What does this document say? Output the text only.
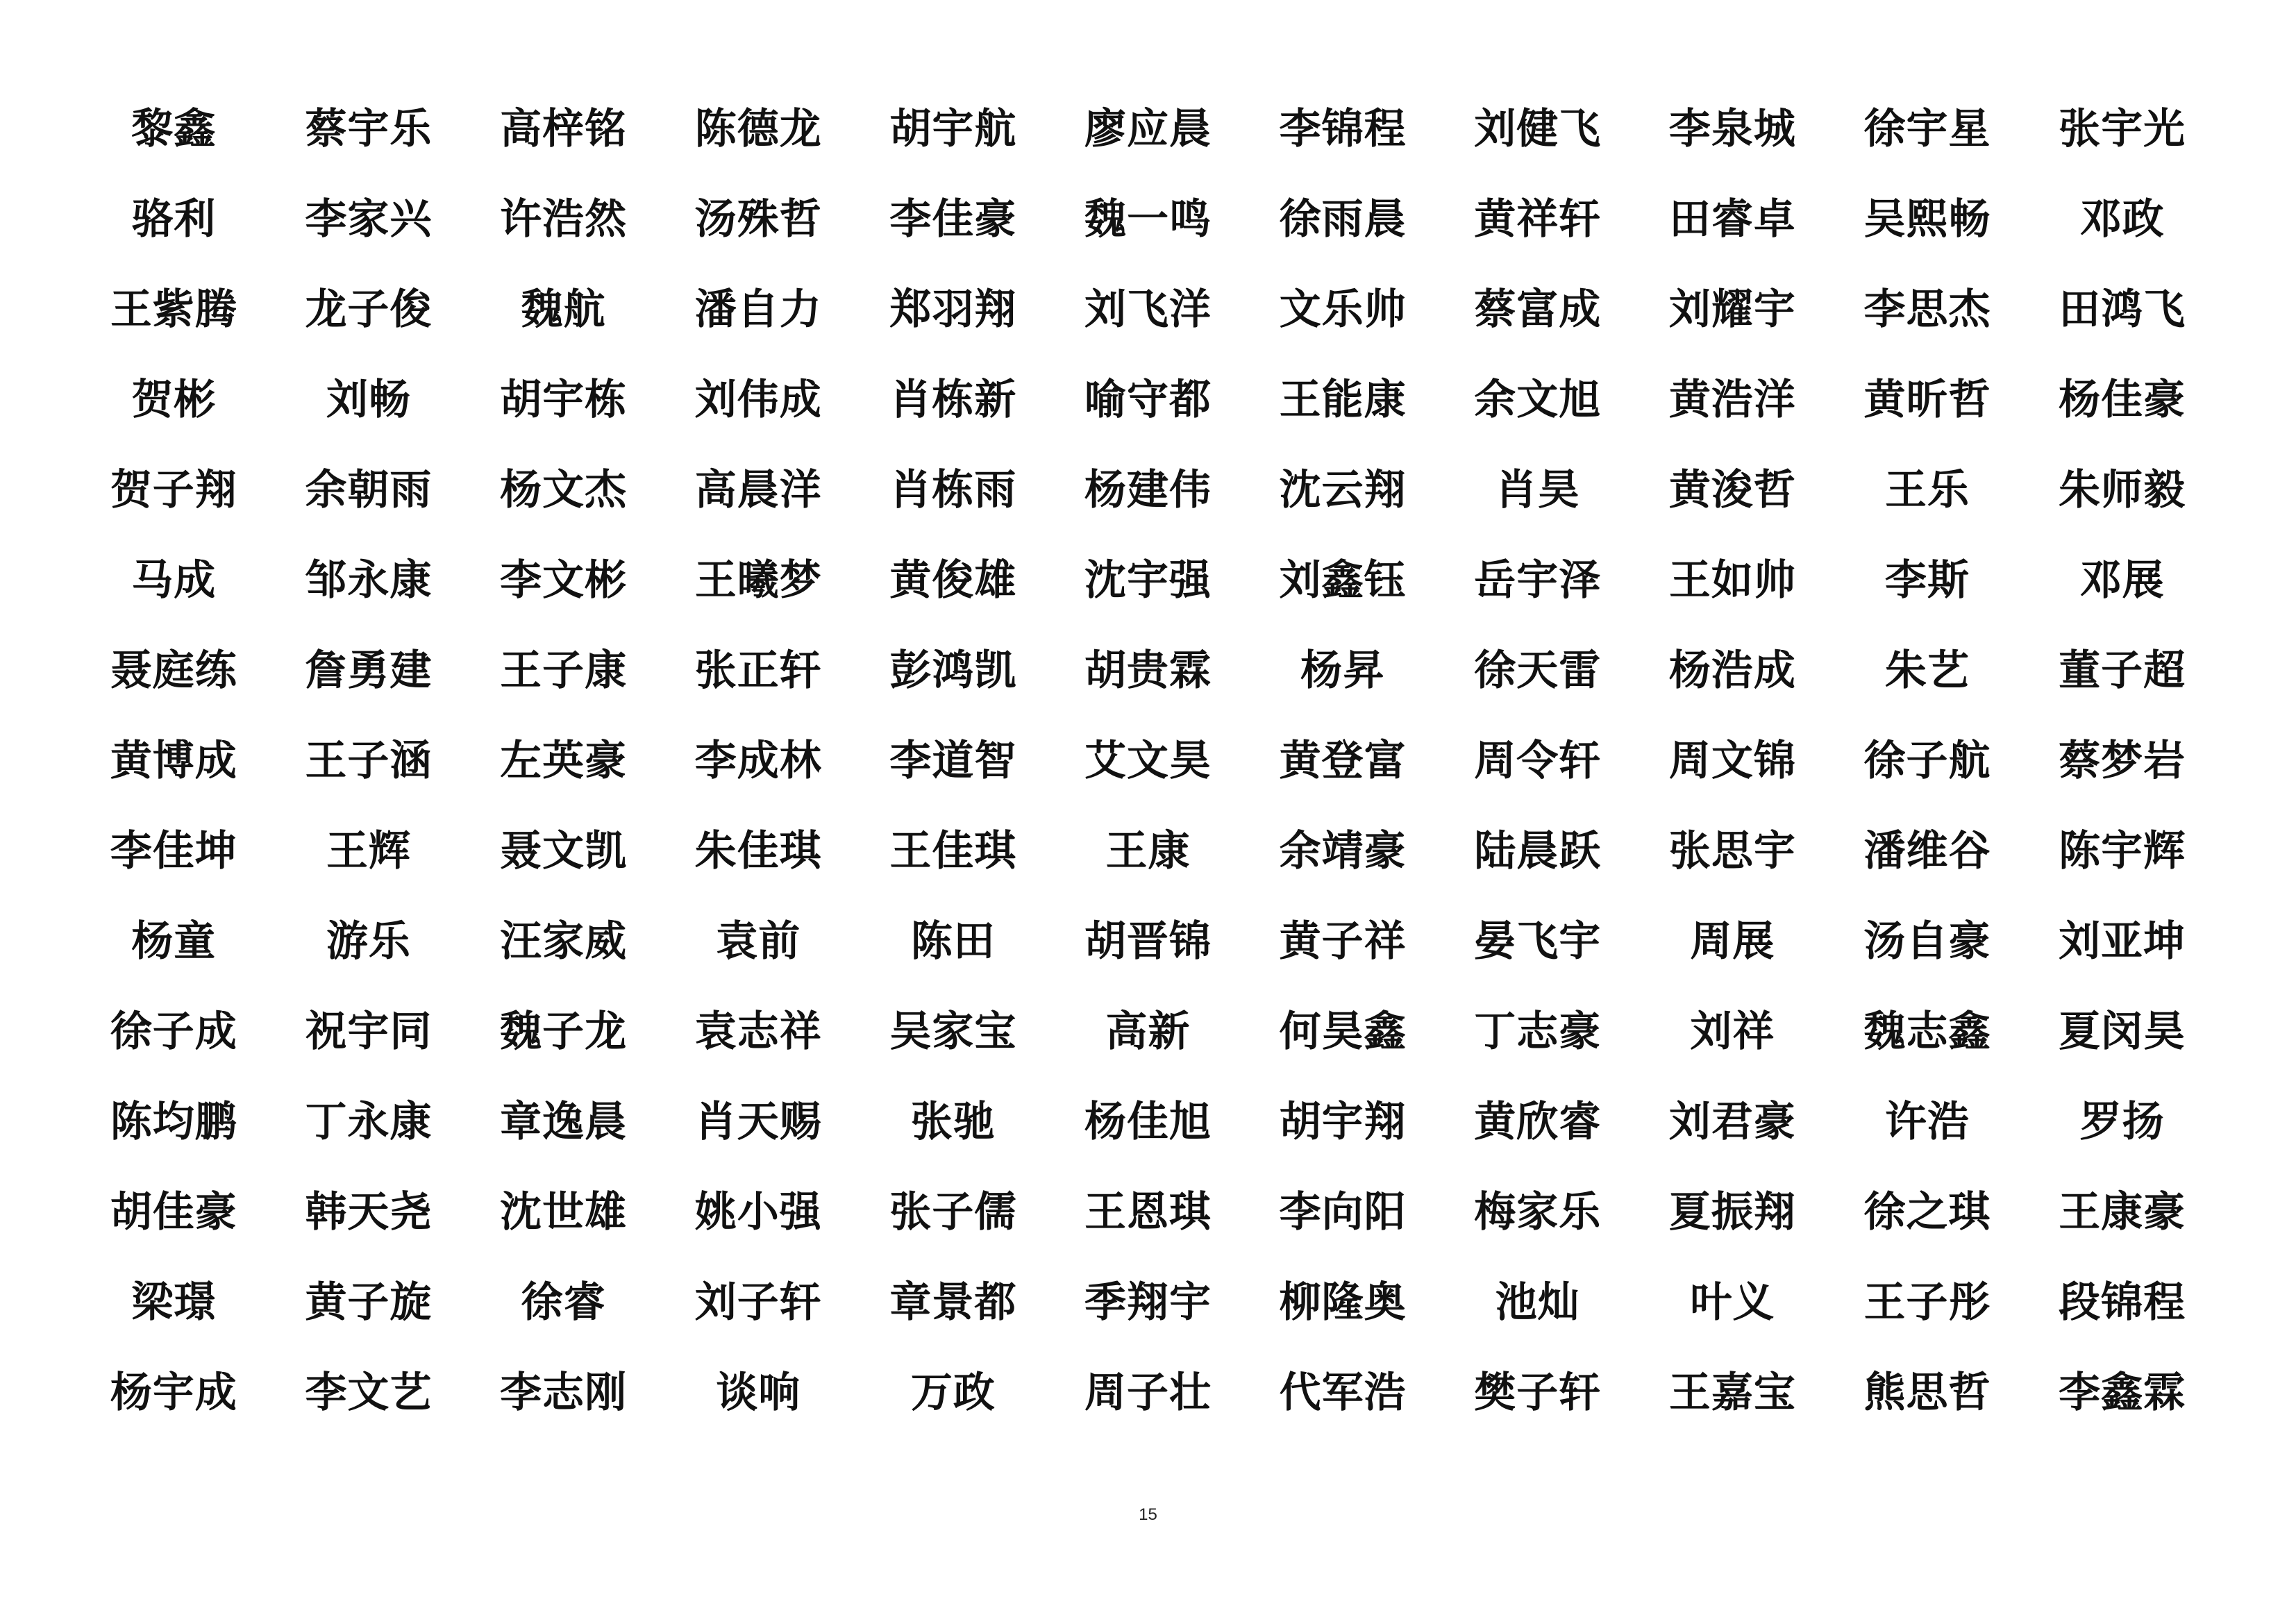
黎鑫	蔡宇乐	高梓铭	陈德龙	胡宇航	廖应晨	李锦程	刘健飞	李泉城	徐宇星	张宇光
骆利	李家兴	许浩然	汤殊哲	李佳豪	魏一鸣	徐雨晨	黄祥轩	田睿卓	吴熙畅	邓政
王紫腾	龙子俊	魏航	潘自力	郑羽翔	刘飞洋	文乐帅	蔡富成	刘耀宇	李思杰	田鸿飞
贺彬	刘畅	胡宇栋	刘伟成	肖栋新	喻守都	王能康	余文旭	黄浩洋	黄昕哲	杨佳豪
贺子翔	余朝雨	杨文杰	高晨洋	肖栋雨	杨建伟	沈云翔	肖昊	黄浚哲	王乐	朱师毅
马成	邹永康	李文彬	王曦梦	黄俊雄	沈宇强	刘鑫钰	岳宇泽	王如帅	李斯	邓展
聂庭练	詹勇建	王子康	张正轩	彭鸿凯	胡贵霖	杨昇	徐天雷	杨浩成	朱艺	董子超
黄博成	王子涵	左英豪	李成林	李道智	艾文昊	黄登富	周令轩	周文锦	徐子航	蔡梦岩
李佳坤	王辉	聂文凯	朱佳琪	王佳琪	王康	余靖豪	陆晨跃	张思宇	潘维谷	陈宇辉
杨童	游乐	汪家威	袁前	陈田	胡晋锦	黄子祥	晏飞宇	周展	汤自豪	刘亚坤
徐子成	祝宇同	魏子龙	袁志祥	吴家宝	高新	何昊鑫	丁志豪	刘祥	魏志鑫	夏闵昊
陈均鹏	丁永康	章逸晨	肖天赐	张驰	杨佳旭	胡宇翔	黄欣睿	刘君豪	许浩	罗扬
胡佳豪	韩天尧	沈世雄	姚小强	张子儒	王恩琪	李向阳	梅家乐	夏振翔	徐之琪	王康豪
梁璟	黄子旋	徐睿	刘子轩	章景都	季翔宇	柳隆奥	池灿	叶义	王子彤	段锦程
杨宇成	李文艺	李志刚	谈响	万政	周子壮	代军浩	樊子轩	王嘉宝	熊思哲	李鑫霖
15
